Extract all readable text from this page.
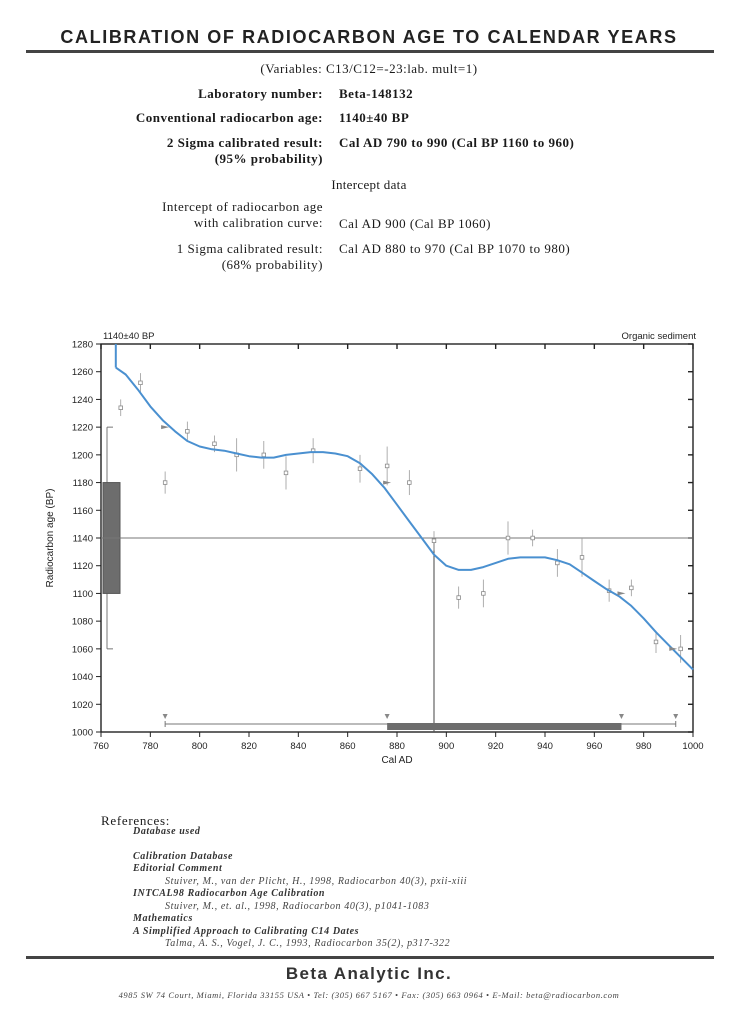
CALIBRATION OF RADIOCARBON AGE TO CALENDAR YEARS
(Variables: C13/C12=-23:lab. mult=1)
Laboratory number: Beta-148132
Conventional radiocarbon age: 1140±40 BP
2 Sigma calibrated result:
(95% probability)
Cal AD 790 to 990 (Cal BP 1160 to 960)
Intercept data
Intercept of radiocarbon age
with calibration curve: Cal AD 900 (Cal BP 1060)
1 Sigma calibrated result:
(68% probability)
Cal AD 880 to 970 (Cal BP 1070 to 980)
760	780	800	820	840	860	880	900	920	940	960	980	1000
1000
1020
1040
1060
1080
1100
1120
1140
1160
1180
1200
1220
1240
1260
1280
1140±40 BP	Organic sediment
Cal AD
Radiocarbon age (BP)
References:
Database used
Calibration Database
Editorial Comment
Stuiver, M., van der Plicht, H., 1998, Radiocarbon 40(3), pxii-xiii
INTCAL98 Radiocarbon Age Calibration
Stuiver, M., et. al., 1998, Radiocarbon 40(3), p1041-1083
Mathematics
A Simplified Approach to Calibrating C14 Dates
Talma, A. S., Vogel, J. C., 1993, Radiocarbon 35(2), p317-322
Beta Analytic Inc.
4985 SW 74 Court, Miami, Florida 33155 USA • Tel: (305) 667 5167 • Fax: (305) 663 0964 • E-Mail: beta@radiocarbon.com
